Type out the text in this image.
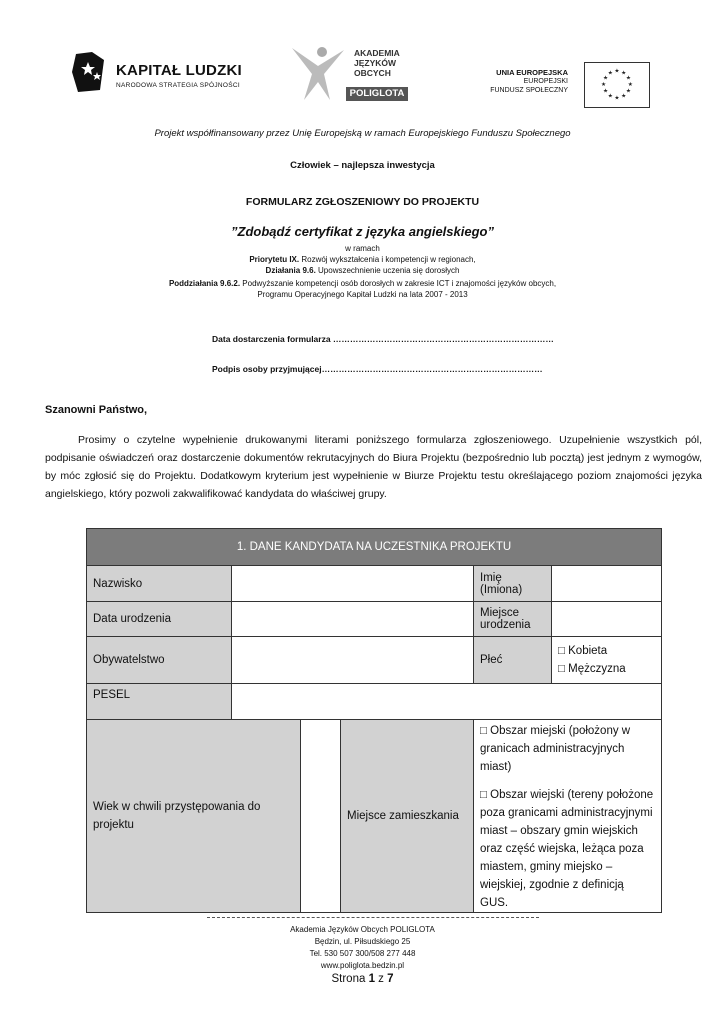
KAPITAŁ LUDZKI
NARODOWA STRATEGIA SPÓJNOŚCI
AKADEMIA
JĘZYKÓW
OBCYCH
POLIGLOTA
UNIA EUROPEJSKA
EUROPEJSKI
FUNDUSZ SPOŁECZNY
★ ★
★
★
★
★
★
★
★
★
★
★
Projekt współfinansowany przez Unię Europejską w ramach Europejskiego Funduszu Społecznego
Człowiek – najlepsza inwestycja
FORMULARZ ZGŁOSZENIOWY DO PROJEKTU
”Zdobądź certyfikat z języka angielskiego”
w ramach
Priorytetu IX. Rozwój wykształcenia i kompetencji w regionach,
Działania 9.6. Upowszechnienie uczenia się dorosłych
Poddziałania 9.6.2. Podwyższanie kompetencji osób dorosłych w zakresie ICT i znajomości języków obcych,
Programu Operacyjnego Kapitał Ludzki na lata 2007 - 2013
Data dostarczenia formularza ……………………………………………………………………
Podpis osoby przyjmującej……………………………………………………………………
Szanowni Państwo,
Prosimy o czytelne wypełnienie drukowanymi literami poniższego formularza zgłoszeniowego. Uzupełnienie wszystkich pól, podpisanie oświadczeń oraz dostarczenie dokumentów rekrutacyjnych do Biura Projektu (bezpośrednio lub pocztą) jest jednym z wymogów, by móc zgłosić się do Projektu. Dodatkowym kryterium jest wypełnienie w Biurze Projektu testu określającego poziom znajomości języka angielskiego, który pozwoli zakwalifikować kandydata do właściwej grupy.
1. DANE KANDYDATA NA UCZESTNIKA PROJEKTU					
Nazwisko				Imię (Imiona)	
Data urodzenia				Miejsce urodzenia	
Obywatelstwo				Płeć	□ Kobieta
□ Mężczyzna

PESEL					
Wiek w chwili przystępowania do projektu			Miejsce zamieszkania	□ Obszar miejski (położony w granicach administracyjnych miast)
□ Obszar wiejski (tereny położone poza granicami administracyjnymi miast – obszary gmin wiejskich oraz część wiejska, leżąca poza miastem, gminy miejsko – wiejskiej, zgodnie z definicją GUS.	
Akademia Języków Obcych POLIGLOTA
Będzin, ul. Piłsudskiego 25
Tel. 530 507 300/508 277 448
www.poliglota.bedzin.pl
Strona 1 z 7
